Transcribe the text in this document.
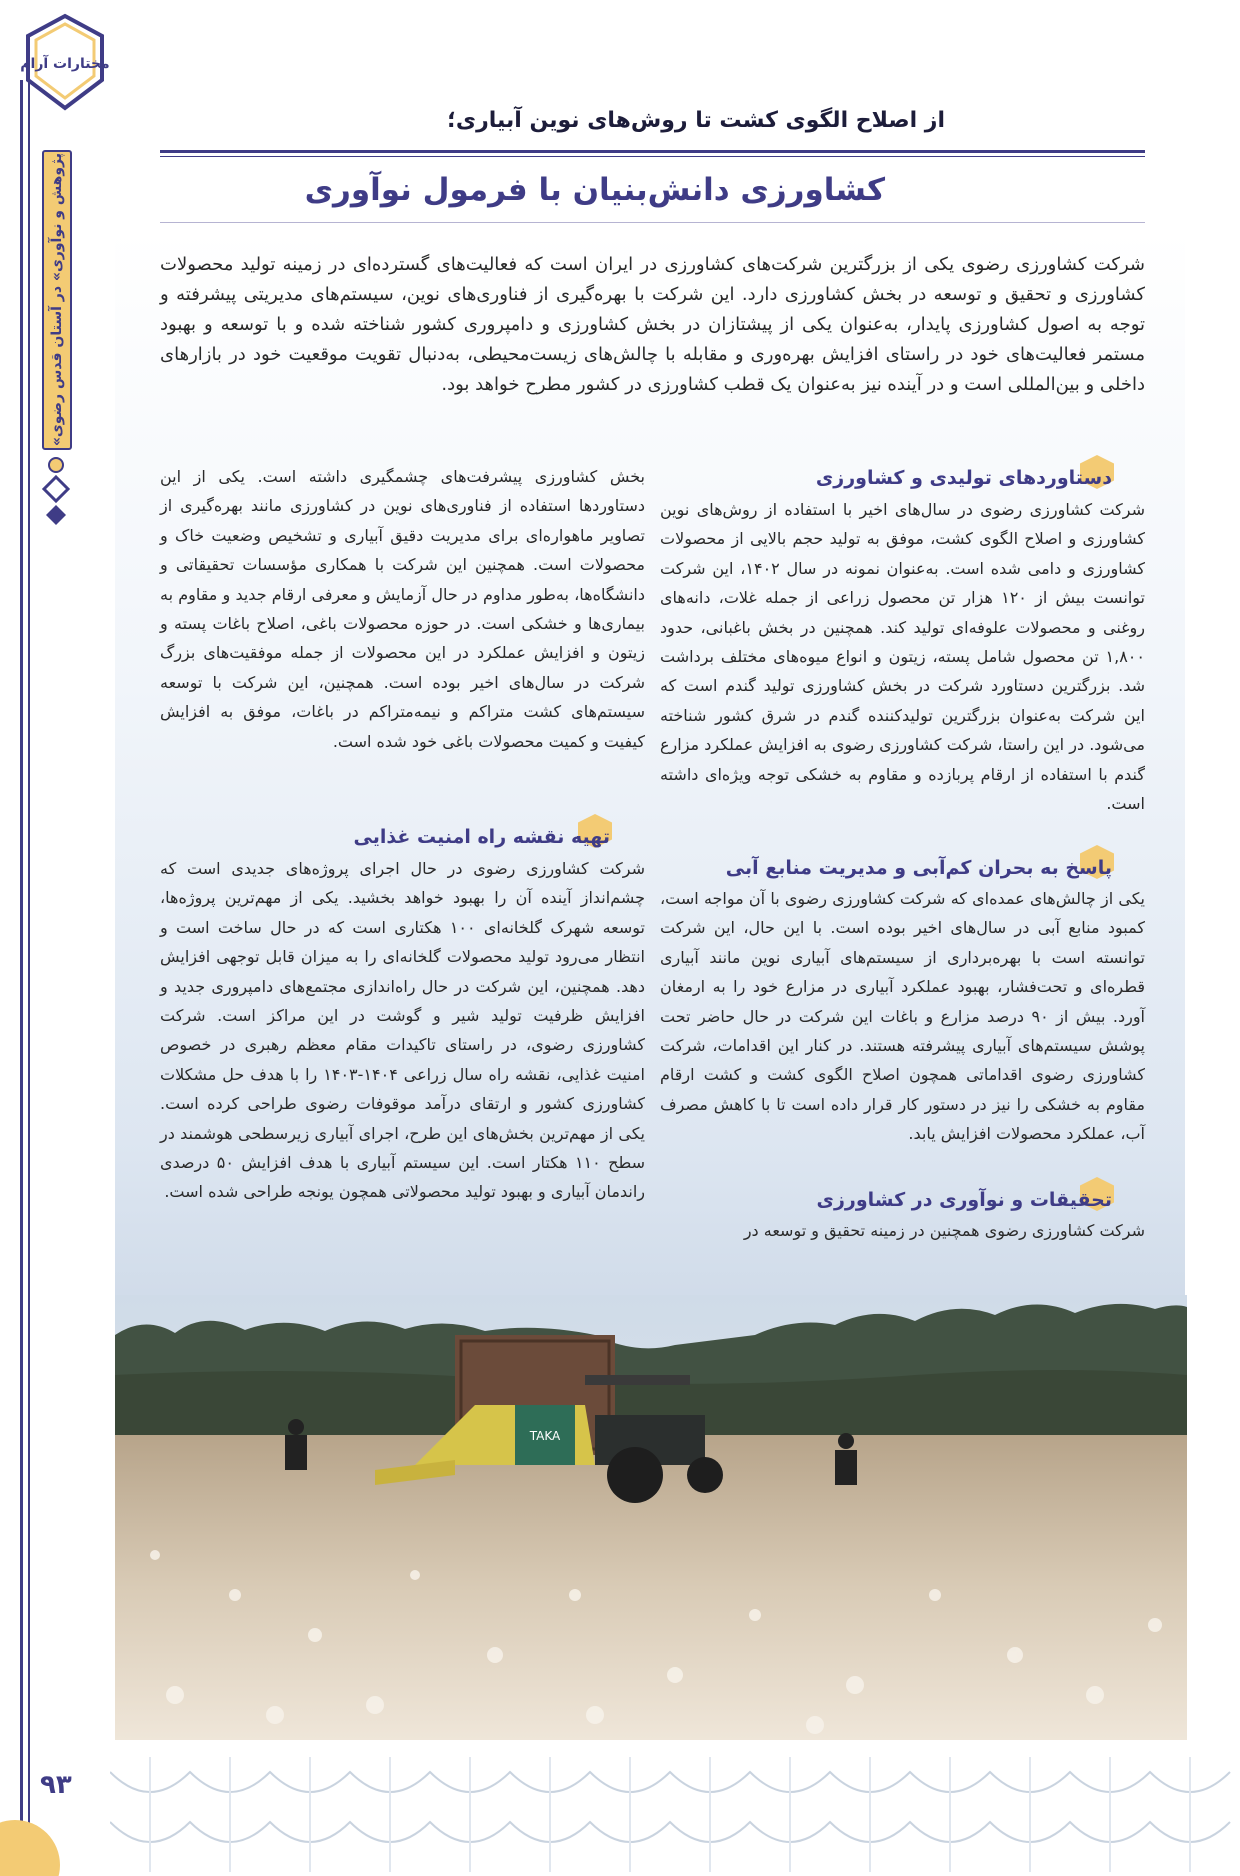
«پژوهش و نوآوری» در آستان قدس رضوی
۹۳
مختارات آرام
از اصلاح الگوی کشت تا روش‌های نوین آبیاری؛
کشاورزی دانش‌بنیان با فرمول نوآوری

شرکت کشاورزی رضوی یکی از بزرگترین شرکت‌های کشاورزی در ایران است که فعالیت‌های گسترده‌ای در زمینه تولید محصولات کشاورزی و تحقیق و توسعه در بخش کشاورزی دارد. این شرکت با بهره‌گیری از فناوری‌های نوین، سیستم‌های مدیریتی پیشرفته و توجه به اصول کشاورزی پایدار، به‌عنوان یکی از پیشتازان در بخش کشاورزی و دامپروری کشور شناخته شده و با توسعه و بهبود مستمر فعالیت‌های خود در راستای افزایش بهره‌وری و مقابله با چالش‌های زیست‌محیطی، به‌دنبال تقویت موقعیت خود در بازارهای داخلی و بین‌المللی است و در آینده نیز به‌عنوان یک قطب کشاورزی در کشور مطرح خواهد بود.

دستاوردهای تولیدی و کشاورزی

شرکت کشاورزی رضوی در سال‌های اخیر با استفاده از روش‌های نوین کشاورزی و اصلاح الگوی کشت، موفق به تولید حجم بالایی از محصولات کشاورزی و دامی شده است. به‌عنوان نمونه در سال ۱۴۰۲، این شرکت توانست بیش از ۱۲۰ هزار تن محصول زراعی از جمله غلات، دانه‌های روغنی و محصولات علوفه‌ای تولید کند. همچنین در بخش باغبانی، حدود ۱,۸۰۰ تن محصول شامل پسته، زیتون و انواع میوه‌های مختلف برداشت شد. بزرگترین دستاورد شرکت در بخش کشاورزی تولید گندم است که این شرکت به‌عنوان بزرگترین تولیدکننده گندم در شرق کشور شناخته می‌شود. در این راستا، شرکت کشاورزی رضوی به افزایش عملکرد مزارع گندم با استفاده از ارقام پربازده و مقاوم به خشکی توجه ویژه‌ای داشته است.

پاسخ به بحران کم‌آبی و مدیریت منابع آبی

یکی از چالش‌های عمده‌ای که شرکت کشاورزی رضوی با آن مواجه است، کمبود منابع آبی در سال‌های اخیر بوده است. با این حال، این شرکت توانسته است با بهره‌برداری از سیستم‌های آبیاری نوین مانند آبیاری قطره‌ای و تحت‌فشار، بهبود عملکرد آبیاری در مزارع خود را به ارمغان آورد. بیش از ۹۰ درصد مزارع و باغات این شرکت در حال حاضر تحت پوشش سیستم‌های آبیاری پیشرفته هستند. در کنار این اقدامات، شرکت کشاورزی رضوی اقداماتی همچون اصلاح الگوی کشت و کشت ارقام مقاوم به خشکی را نیز در دستور کار قرار داده است تا با کاهش مصرف آب، عملکرد محصولات افزایش یابد.

تحقیقات و نوآوری در کشاورزی

شرکت کشاورزی رضوی همچنین در زمینه تحقیق و توسعه در

بخش کشاورزی پیشرفت‌های چشمگیری داشته است. یکی از این دستاوردها استفاده از فناوری‌های نوین در کشاورزی مانند بهره‌گیری از تصاویر ماهواره‌ای برای مدیریت دقیق آبیاری و تشخیص وضعیت خاک و محصولات است. همچنین این شرکت با همکاری مؤسسات تحقیقاتی و دانشگاه‌ها، به‌طور مداوم در حال آزمایش و معرفی ارقام جدید و مقاوم به بیماری‌ها و خشکی است. در حوزه محصولات باغی، اصلاح باغات پسته و زیتون و افزایش عملکرد در این محصولات از جمله موفقیت‌های بزرگ شرکت در سال‌های اخیر بوده است. همچنین، این شرکت با توسعه سیستم‌های کشت متراکم و نیمه‌متراکم در باغات، موفق به افزایش کیفیت و کمیت محصولات باغی خود شده است.

تهیه نقشه راه امنیت غذایی

شرکت کشاورزی رضوی در حال اجرای پروژه‌های جدیدی است که چشم‌انداز آینده آن را بهبود خواهد بخشید. یکی از مهم‌ترین پروژه‌ها، توسعه شهرک گلخانه‌ای ۱۰۰ هکتاری است که در حال ساخت است و انتظار می‌رود تولید محصولات گلخانه‌ای را به میزان قابل توجهی افزایش دهد. همچنین، این شرکت در حال راه‌اندازی مجتمع‌های دامپروری جدید و افزایش ظرفیت تولید شیر و گوشت در این مراکز است. شرکت کشاورزی رضوی، در راستای تاکیدات مقام معظم رهبری در خصوص امنیت غذایی، نقشه راه سال زراعی ۱۴۰۴-۱۴۰۳ را با هدف حل مشکلات کشاورزی کشور و ارتقای درآمد موقوفات رضوی طراحی کرده است. یکی از مهم‌ترین بخش‌های این طرح، اجرای آبیاری زیرسطحی هوشمند در سطح ۱۱۰ هکتار است. این سیستم آبیاری با هدف افزایش ۵۰ درصدی راندمان آبیاری و بهبود تولید محصولاتی همچون یونجه طراحی شده است.

TAKA
